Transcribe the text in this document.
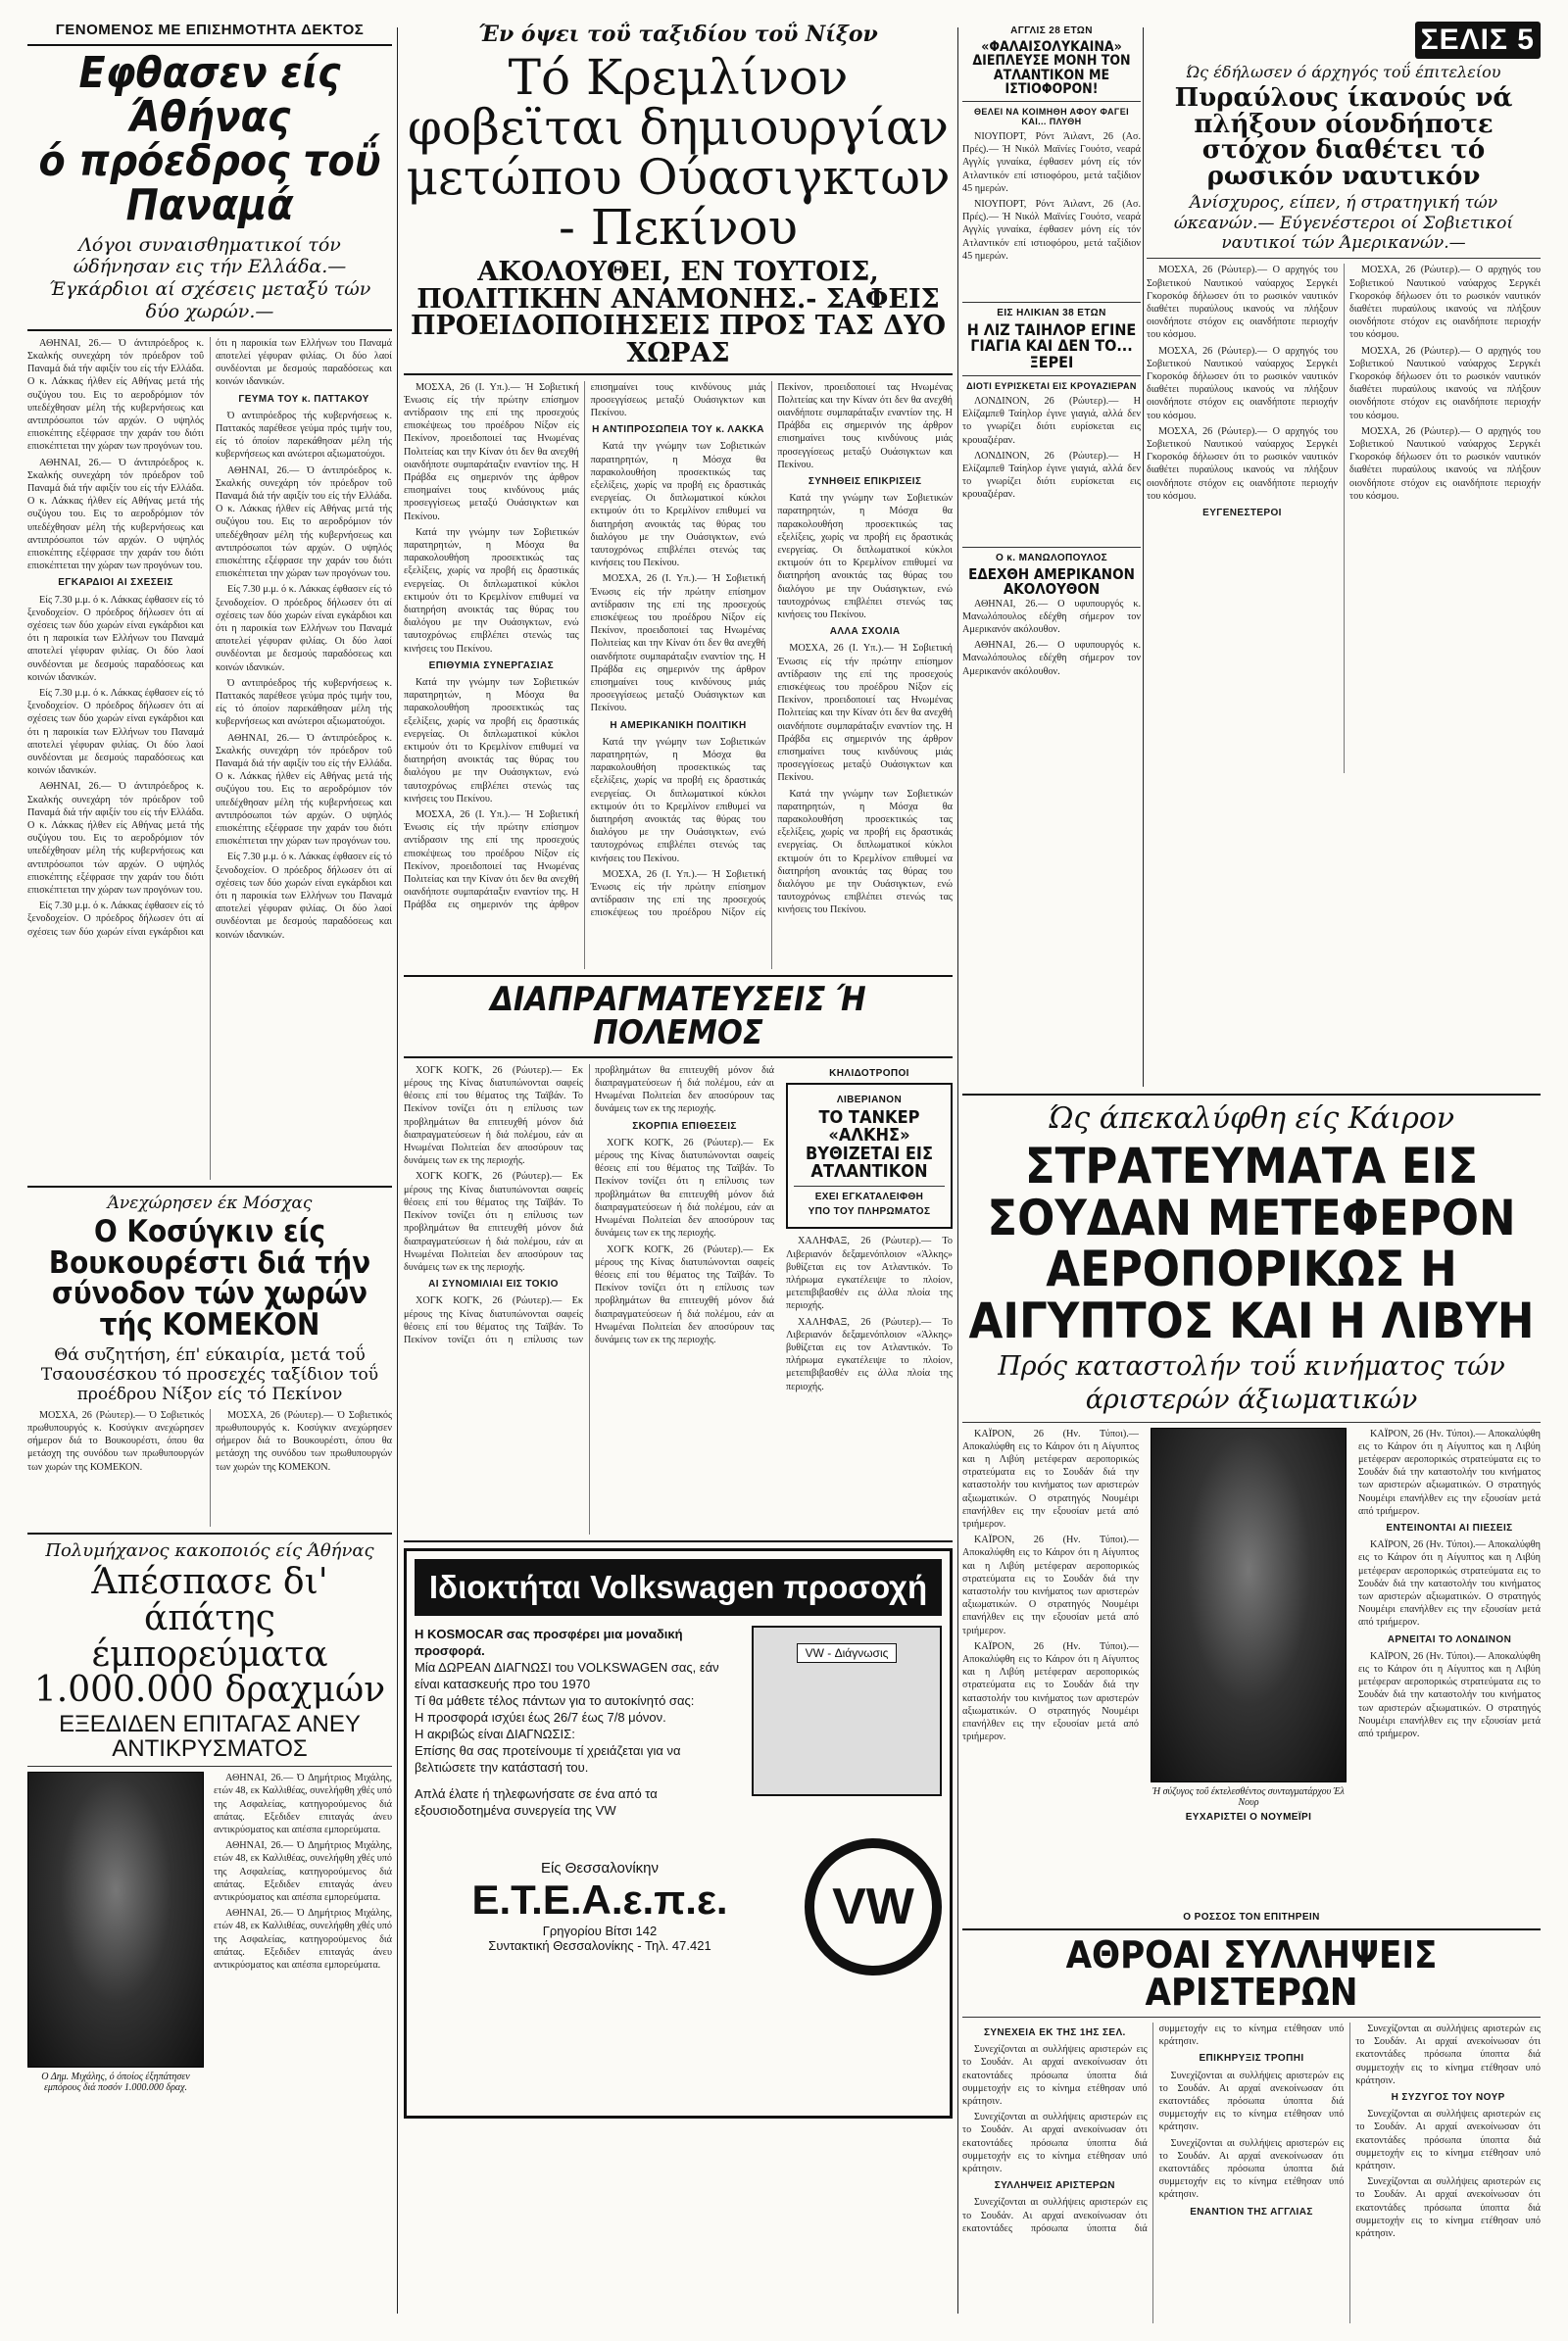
ΓΕΝΟΜΕΝΟΣ ΜΕ ΕΠΙΣΗΜΟΤΗΤΑ ΔΕΚΤΟΣ
Εφθασεν είς Άθήνας
ό πρόεδρος τοΰ Παναμά
Λόγοι συναισθηματικοί τόν ώδήνησαν εις τήν Ελλάδα.— Έγκάρδιοι αί σχέσεις μεταξύ τών δύο χωρών.—

ΑΘΗΝΑΙ, 26.— Ό άντιπρόεδρος κ. Σκαλκής συνεχάρη τόν πρόεδρον τοΰ Παναμά διά τήν αφιξίν του είς τήν Ελλάδα. Ο κ. Λάκκας ήλθεν είς Αθήνας μετά τής συζύγου του. Εις το αεροδρόμιον τόν υπεδέχθησαν μέλη τής κυβερνήσεως και αντιπρόσωποι τών αρχών. Ο υψηλός επισκέπτης εξέφρασε την χαράν του διότι επισκέπτεται την χώραν των προγόνων του.

ΑΘΗΝΑΙ, 26.— Ό άντιπρόεδρος κ. Σκαλκής συνεχάρη τόν πρόεδρον τοΰ Παναμά διά τήν αφιξίν του είς τήν Ελλάδα. Ο κ. Λάκκας ήλθεν είς Αθήνας μετά τής συζύγου του. Εις το αεροδρόμιον τόν υπεδέχθησαν μέλη τής κυβερνήσεως και αντιπρόσωποι τών αρχών. Ο υψηλός επισκέπτης εξέφρασε την χαράν του διότι επισκέπτεται την χώραν των προγόνων του.

ΕΓΚΑΡΔΙΟΙ ΑΙ ΣΧΕΣΕΙΣ

Είς 7.30 μ.μ. ό κ. Λάκκας έφθασεν είς τό ξενοδοχείον. Ο πρόεδρος δήλωσεν ότι αί σχέσεις των δύο χωρών είναι εγκάρδιοι και ότι η παροικία των Ελλήνων του Παναμά αποτελεί γέφυραν φιλίας. Οι δύο λαοί συνδέονται με δεσμούς παραδόσεως και κοινών ιδανικών.

Είς 7.30 μ.μ. ό κ. Λάκκας έφθασεν είς τό ξενοδοχείον. Ο πρόεδρος δήλωσεν ότι αί σχέσεις των δύο χωρών είναι εγκάρδιοι και ότι η παροικία των Ελλήνων του Παναμά αποτελεί γέφυραν φιλίας. Οι δύο λαοί συνδέονται με δεσμούς παραδόσεως και κοινών ιδανικών.

ΑΘΗΝΑΙ, 26.— Ό άντιπρόεδρος κ. Σκαλκής συνεχάρη τόν πρόεδρον τοΰ Παναμά διά τήν αφιξίν του είς τήν Ελλάδα. Ο κ. Λάκκας ήλθεν είς Αθήνας μετά τής συζύγου του. Εις το αεροδρόμιον τόν υπεδέχθησαν μέλη τής κυβερνήσεως και αντιπρόσωποι τών αρχών. Ο υψηλός επισκέπτης εξέφρασε την χαράν του διότι επισκέπτεται την χώραν των προγόνων του.

Είς 7.30 μ.μ. ό κ. Λάκκας έφθασεν είς τό ξενοδοχείον. Ο πρόεδρος δήλωσεν ότι αί σχέσεις των δύο χωρών είναι εγκάρδιοι και ότι η παροικία των Ελλήνων του Παναμά αποτελεί γέφυραν φιλίας. Οι δύο λαοί συνδέονται με δεσμούς παραδόσεως και κοινών ιδανικών.

ΓΕΥΜΑ ΤΟΥ κ. ΠΑΤΤΑΚΟΥ

Ό αντιπρόεδρος τής κυβερνήσεως κ. Παττακός παρέθεσε γεύμα πρός τιμήν του, είς τό όποίον παρεκάθησαν μέλη τής κυβερνήσεως και ανώτεροι αξιωματούχοι.

ΑΘΗΝΑΙ, 26.— Ό άντιπρόεδρος κ. Σκαλκής συνεχάρη τόν πρόεδρον τοΰ Παναμά διά τήν αφιξίν του είς τήν Ελλάδα. Ο κ. Λάκκας ήλθεν είς Αθήνας μετά τής συζύγου του. Εις το αεροδρόμιον τόν υπεδέχθησαν μέλη τής κυβερνήσεως και αντιπρόσωποι τών αρχών. Ο υψηλός επισκέπτης εξέφρασε την χαράν του διότι επισκέπτεται την χώραν των προγόνων του.

Είς 7.30 μ.μ. ό κ. Λάκκας έφθασεν είς τό ξενοδοχείον. Ο πρόεδρος δήλωσεν ότι αί σχέσεις των δύο χωρών είναι εγκάρδιοι και ότι η παροικία των Ελλήνων του Παναμά αποτελεί γέφυραν φιλίας. Οι δύο λαοί συνδέονται με δεσμούς παραδόσεως και κοινών ιδανικών.

Ό αντιπρόεδρος τής κυβερνήσεως κ. Παττακός παρέθεσε γεύμα πρός τιμήν του, είς τό όποίον παρεκάθησαν μέλη τής κυβερνήσεως και ανώτεροι αξιωματούχοι.

ΑΘΗΝΑΙ, 26.— Ό άντιπρόεδρος κ. Σκαλκής συνεχάρη τόν πρόεδρον τοΰ Παναμά διά τήν αφιξίν του είς τήν Ελλάδα. Ο κ. Λάκκας ήλθεν είς Αθήνας μετά τής συζύγου του. Εις το αεροδρόμιον τόν υπεδέχθησαν μέλη τής κυβερνήσεως και αντιπρόσωποι τών αρχών. Ο υψηλός επισκέπτης εξέφρασε την χαράν του διότι επισκέπτεται την χώραν των προγόνων του.

Είς 7.30 μ.μ. ό κ. Λάκκας έφθασεν είς τό ξενοδοχείον. Ο πρόεδρος δήλωσεν ότι αί σχέσεις των δύο χωρών είναι εγκάρδιοι και ότι η παροικία των Ελλήνων του Παναμά αποτελεί γέφυραν φιλίας. Οι δύο λαοί συνδέονται με δεσμούς παραδόσεως και κοινών ιδανικών.

Άνεχώρησεν έκ Μόσχας
Ο Κοσύγκιν είς Βουκουρέστι διά τήν σύνοδον τών χωρών τής ΚΟΜΕΚΟΝ
Θά συζητήση, έπ' εύκαιρία, μετά τοΰ Τσαουσέσκου τό προσεχές ταξίδιον τοΰ προέδρου Νίξον είς τό Πεκίνον

ΜΟΣΧΑ, 26 (Ρώυτερ).— Ό Σοβιετικός πρωθυπουργός κ. Κοσύγκιν ανεχώρησεν σήμερον διά το Βουκουρέστι, όπου θα μετάσχη της συνόδου των πρωθυπουργών των χωρών της ΚΟΜΕΚΟΝ.

ΜΟΣΧΑ, 26 (Ρώυτερ).— Ό Σοβιετικός πρωθυπουργός κ. Κοσύγκιν ανεχώρησεν σήμερον διά το Βουκουρέστι, όπου θα μετάσχη της συνόδου των πρωθυπουργών των χωρών της ΚΟΜΕΚΟΝ.

Πολυμήχανος κακοποιός είς Άθήνας
Άπέσπασε δι' άπάτης έμπορεύματα 1.000.000 δραχμών
ΕΞΕΔΙΔΕΝ ΕΠΙΤΑΓΑΣ ΑΝΕΥ ΑΝΤΙΚΡΥΣΜΑΤΟΣ
Ο Δημ. Μιχάλης, ό όποίος έξηπάτησεν εμπόρους διά ποσόν 1.000.000 δραχ.

ΑΘΗΝΑΙ, 26.— Ό Δημήτριος Μιχάλης, ετών 48, εκ Καλλιθέας, συνελήφθη χθές υπό της Ασφαλείας, κατηγορούμενος διά απάτας. Εξεδιδεν επιταγάς άνευ αντικρύσματος και απέσπα εμπορεύματα.

ΑΘΗΝΑΙ, 26.— Ό Δημήτριος Μιχάλης, ετών 48, εκ Καλλιθέας, συνελήφθη χθές υπό της Ασφαλείας, κατηγορούμενος διά απάτας. Εξεδιδεν επιταγάς άνευ αντικρύσματος και απέσπα εμπορεύματα.

ΑΘΗΝΑΙ, 26.— Ό Δημήτριος Μιχάλης, ετών 48, εκ Καλλιθέας, συνελήφθη χθές υπό της Ασφαλείας, κατηγορούμενος διά απάτας. Εξεδιδεν επιταγάς άνευ αντικρύσματος και απέσπα εμπορεύματα.

Έν όψει τοΰ ταξιδίου τοΰ Νίξον
Τό Κρεμλίνον φοβεϊται δημιουργίαν μετώπου Ούασιγκτων - Πεκίνου
ΑΚΟΛΟΥΘΕΙ, ΕΝ ΤΟΥΤΟΙΣ, ΠΟΛΙΤΙΚΗΝ ΑΝΑΜΟΝΗΣ.- ΣΑΦΕΙΣ ΠΡΟΕΙΔΟΠΟΙΗΣΕΙΣ ΠΡΟΣ ΤΑΣ ΔΥΟ ΧΩΡΑΣ

ΜΟΣΧΑ, 26 (Ι. Υπ.).— Ή Σοβιετική Ένωσις είς τήν πρώτην επίσημον αντίδρασιν της επί της προσεχούς επισκέψεως του προέδρου Νίξον είς Πεκίνον, προειδοποιεί τας Ηνωμένας Πολιτείας και την Κίναν ότι δεν θα ανεχθή οιανδήποτε συμπαράταξιν εναντίον της. Η Πράβδα εις σημερινόν της άρθρον επισημαίνει τους κινδύνους μιάς προσεγγίσεως μεταξύ Ουάσιγκτων και Πεκίνου.

Κατά την γνώμην των Σοβιετικών παρατηρητών, η Μόσχα θα παρακολουθήση προσεκτικώς τας εξελίξεις, χωρίς να προβή εις δραστικάς ενεργείας. Οι διπλωματικοί κύκλοι εκτιμούν ότι το Κρεμλίνον επιθυμεί να διατηρήση ανοικτάς τας θύρας του διαλόγου με την Ουάσιγκτων, ενώ ταυτοχρόνως επιβλέπει στενώς τας κινήσεις του Πεκίνου.

ΕΠΙΘΥΜΙΑ ΣΥΝΕΡΓΑΣΙΑΣ

Κατά την γνώμην των Σοβιετικών παρατηρητών, η Μόσχα θα παρακολουθήση προσεκτικώς τας εξελίξεις, χωρίς να προβή εις δραστικάς ενεργείας. Οι διπλωματικοί κύκλοι εκτιμούν ότι το Κρεμλίνον επιθυμεί να διατηρήση ανοικτάς τας θύρας του διαλόγου με την Ουάσιγκτων, ενώ ταυτοχρόνως επιβλέπει στενώς τας κινήσεις του Πεκίνου.

ΜΟΣΧΑ, 26 (Ι. Υπ.).— Ή Σοβιετική Ένωσις είς τήν πρώτην επίσημον αντίδρασιν της επί της προσεχούς επισκέψεως του προέδρου Νίξον είς Πεκίνον, προειδοποιεί τας Ηνωμένας Πολιτείας και την Κίναν ότι δεν θα ανεχθή οιανδήποτε συμπαράταξιν εναντίον της. Η Πράβδα εις σημερινόν της άρθρον επισημαίνει τους κινδύνους μιάς προσεγγίσεως μεταξύ Ουάσιγκτων και Πεκίνου.

Η ΑΝΤΙΠΡΟΣΩΠΕΙΑ ΤΟΥ κ. ΛΑΚΚΑ

Κατά την γνώμην των Σοβιετικών παρατηρητών, η Μόσχα θα παρακολουθήση προσεκτικώς τας εξελίξεις, χωρίς να προβή εις δραστικάς ενεργείας. Οι διπλωματικοί κύκλοι εκτιμούν ότι το Κρεμλίνον επιθυμεί να διατηρήση ανοικτάς τας θύρας του διαλόγου με την Ουάσιγκτων, ενώ ταυτοχρόνως επιβλέπει στενώς τας κινήσεις του Πεκίνου.

ΜΟΣΧΑ, 26 (Ι. Υπ.).— Ή Σοβιετική Ένωσις είς τήν πρώτην επίσημον αντίδρασιν της επί της προσεχούς επισκέψεως του προέδρου Νίξον είς Πεκίνον, προειδοποιεί τας Ηνωμένας Πολιτείας και την Κίναν ότι δεν θα ανεχθή οιανδήποτε συμπαράταξιν εναντίον της. Η Πράβδα εις σημερινόν της άρθρον επισημαίνει τους κινδύνους μιάς προσεγγίσεως μεταξύ Ουάσιγκτων και Πεκίνου.

Η ΑΜΕΡΙΚΑΝΙΚΗ ΠΟΛΙΤΙΚΗ

Κατά την γνώμην των Σοβιετικών παρατηρητών, η Μόσχα θα παρακολουθήση προσεκτικώς τας εξελίξεις, χωρίς να προβή εις δραστικάς ενεργείας. Οι διπλωματικοί κύκλοι εκτιμούν ότι το Κρεμλίνον επιθυμεί να διατηρήση ανοικτάς τας θύρας του διαλόγου με την Ουάσιγκτων, ενώ ταυτοχρόνως επιβλέπει στενώς τας κινήσεις του Πεκίνου.

ΜΟΣΧΑ, 26 (Ι. Υπ.).— Ή Σοβιετική Ένωσις είς τήν πρώτην επίσημον αντίδρασιν της επί της προσεχούς επισκέψεως του προέδρου Νίξον είς Πεκίνον, προειδοποιεί τας Ηνωμένας Πολιτείας και την Κίναν ότι δεν θα ανεχθή οιανδήποτε συμπαράταξιν εναντίον της. Η Πράβδα εις σημερινόν της άρθρον επισημαίνει τους κινδύνους μιάς προσεγγίσεως μεταξύ Ουάσιγκτων και Πεκίνου.

ΣΥΝΗΘΕΙΣ ΕΠΙΚΡΙΣΕΙΣ

Κατά την γνώμην των Σοβιετικών παρατηρητών, η Μόσχα θα παρακολουθήση προσεκτικώς τας εξελίξεις, χωρίς να προβή εις δραστικάς ενεργείας. Οι διπλωματικοί κύκλοι εκτιμούν ότι το Κρεμλίνον επιθυμεί να διατηρήση ανοικτάς τας θύρας του διαλόγου με την Ουάσιγκτων, ενώ ταυτοχρόνως επιβλέπει στενώς τας κινήσεις του Πεκίνου.

ΑΛΛΑ ΣΧΟΛΙΑ

ΜΟΣΧΑ, 26 (Ι. Υπ.).— Ή Σοβιετική Ένωσις είς τήν πρώτην επίσημον αντίδρασιν της επί της προσεχούς επισκέψεως του προέδρου Νίξον είς Πεκίνον, προειδοποιεί τας Ηνωμένας Πολιτείας και την Κίναν ότι δεν θα ανεχθή οιανδήποτε συμπαράταξιν εναντίον της. Η Πράβδα εις σημερινόν της άρθρον επισημαίνει τους κινδύνους μιάς προσεγγίσεως μεταξύ Ουάσιγκτων και Πεκίνου.

Κατά την γνώμην των Σοβιετικών παρατηρητών, η Μόσχα θα παρακολουθήση προσεκτικώς τας εξελίξεις, χωρίς να προβή εις δραστικάς ενεργείας. Οι διπλωματικοί κύκλοι εκτιμούν ότι το Κρεμλίνον επιθυμεί να διατηρήση ανοικτάς τας θύρας του διαλόγου με την Ουάσιγκτων, ενώ ταυτοχρόνως επιβλέπει στενώς τας κινήσεις του Πεκίνου.

ΔΙΑΠΡΑΓΜΑΤΕΥΣΕΙΣ Ή ΠΟΛΕΜΟΣ

ΧΟΓΚ ΚΟΓΚ, 26 (Ρώυτερ).— Εκ μέρους της Κίνας διατυπώνονται σαφείς θέσεις επί του θέματος της Ταϊβάν. Το Πεκίνον τονίζει ότι η επίλυσις των προβλημάτων θα επιτευχθή μόνον διά διαπραγματεύσεων ή διά πολέμου, εάν αι Ηνωμέναι Πολιτείαι δεν αποσύρουν τας δυνάμεις των εκ της περιοχής.

ΧΟΓΚ ΚΟΓΚ, 26 (Ρώυτερ).— Εκ μέρους της Κίνας διατυπώνονται σαφείς θέσεις επί του θέματος της Ταϊβάν. Το Πεκίνον τονίζει ότι η επίλυσις των προβλημάτων θα επιτευχθή μόνον διά διαπραγματεύσεων ή διά πολέμου, εάν αι Ηνωμέναι Πολιτείαι δεν αποσύρουν τας δυνάμεις των εκ της περιοχής.

ΑΙ ΣΥΝΟΜΙΛΙΑΙ ΕΙΣ ΤΟΚΙΟ

ΧΟΓΚ ΚΟΓΚ, 26 (Ρώυτερ).— Εκ μέρους της Κίνας διατυπώνονται σαφείς θέσεις επί του θέματος της Ταϊβάν. Το Πεκίνον τονίζει ότι η επίλυσις των προβλημάτων θα επιτευχθή μόνον διά διαπραγματεύσεων ή διά πολέμου, εάν αι Ηνωμέναι Πολιτείαι δεν αποσύρουν τας δυνάμεις των εκ της περιοχής.

ΣΚΟΡΠΙΑ ΕΠΙΘΕΣΕΙΣ

ΧΟΓΚ ΚΟΓΚ, 26 (Ρώυτερ).— Εκ μέρους της Κίνας διατυπώνονται σαφείς θέσεις επί του θέματος της Ταϊβάν. Το Πεκίνον τονίζει ότι η επίλυσις των προβλημάτων θα επιτευχθή μόνον διά διαπραγματεύσεων ή διά πολέμου, εάν αι Ηνωμέναι Πολιτείαι δεν αποσύρουν τας δυνάμεις των εκ της περιοχής.

ΧΟΓΚ ΚΟΓΚ, 26 (Ρώυτερ).— Εκ μέρους της Κίνας διατυπώνονται σαφείς θέσεις επί του θέματος της Ταϊβάν. Το Πεκίνον τονίζει ότι η επίλυσις των προβλημάτων θα επιτευχθή μόνον διά διαπραγματεύσεων ή διά πολέμου, εάν αι Ηνωμέναι Πολιτείαι δεν αποσύρουν τας δυνάμεις των εκ της περιοχής.

ΚΗΛΙΔΟΤΡΟΠΟΙ
ΛΙΒΕΡΙΑΝΟΝ
ΤΟ ΤΑΝΚΕΡ «ΑΛΚΗΣ» ΒΥΘΙΖΕΤΑΙ ΕΙΣ ΑΤΛΑΝΤΙΚΟΝ
ΕΧΕΙ ΕΓΚΑΤΑΛΕΙΦΘΗ
ΥΠΟ ΤΟΥ ΠΛΗΡΩΜΑΤΟΣ

ΧΑΛΗΦΑΞ, 26 (Ρώυτερ).— Το Λιβεριανόν δεξαμενόπλοιον «Άλκης» βυθίζεται εις τον Ατλαντικόν. Το πλήρωμα εγκατέλειψε το πλοίον, μετεπιβιβασθέν εις άλλα πλοία της περιοχής.

ΧΑΛΗΦΑΞ, 26 (Ρώυτερ).— Το Λιβεριανόν δεξαμενόπλοιον «Άλκης» βυθίζεται εις τον Ατλαντικόν. Το πλήρωμα εγκατέλειψε το πλοίον, μετεπιβιβασθέν εις άλλα πλοία της περιοχής.

Ιδιοκτήται Volkswagen προσοχή
Η KOSMOCAR σας προσφέρει μια μοναδική προσφορά.
Μία ΔΩΡΕΑΝ ΔΙΑΓΝΩΣΙ του VOLKSWAGEN σας, εάν είναι κατασκευής προ του 1970
Τί θα μάθετε τέλος πάντων για το αυτοκίνητό σας:
Η προσφορά ισχύει έως 26/7 έως 7/8 μόνον.
Η ακριβώς είναι ΔΙΑΓΝΩΣΙΣ:
Επίσης θα σας προτείνουμε τί χρειάζεται για να βελτιώσετε την κατάστασή του.
Απλά έλατε ή τηλεφωνήσατε σε ένα από τα εξουσιοδοτημένα συνεργεία της VW
VW - Διάγνωσις
Είς Θεσσαλονίκην
Ε.Τ.Ε.Α.ε.π.ε.
Γρηγορίου Βίτσι 142
Συντακτική Θεσσαλονίκης - Τηλ. 47.421
VW
ΑΓΓΛΙΣ 28 ΕΤΩΝ
«ΦΑΛΑΙΣΟΛΥΚΑΙΝΑ» ΔΙΕΠΛΕΥΣΕ ΜΟΝΗ ΤΟΝ ΑΤΛΑΝΤΙΚΟΝ ΜΕ ΙΣΤΙΟΦΟΡΟΝ!
ΘΕΛΕΙ ΝΑ ΚΟΙΜΗΘΗ ΑΦΟΥ ΦΑΓΕΙ ΚΑΙ... ΠΛΥΘΗ

ΝΙΟΥΠΟΡΤ, Ρόντ Άιλαντ, 26 (Ασ. Πρές).— Ή Νικόλ Μαϊνίες Γουότσ, νεαρά Αγγλίς γυναίκα, έφθασεν μόνη είς τόν Ατλαντικόν επί ιστιοφόρου, μετά ταξίδιον 45 ημερών.

ΝΙΟΥΠΟΡΤ, Ρόντ Άιλαντ, 26 (Ασ. Πρές).— Ή Νικόλ Μαϊνίες Γουότσ, νεαρά Αγγλίς γυναίκα, έφθασεν μόνη είς τόν Ατλαντικόν επί ιστιοφόρου, μετά ταξίδιον 45 ημερών.

ΕΙΣ ΗΛΙΚΙΑΝ 38 ΕΤΩΝ
Η ΛΙΖ ΤΑΙΗΛΟΡ ΕΓΙΝΕ ΓΙΑΓΙΑ ΚΑΙ ΔΕΝ ΤΟ... ΞΕΡΕΙ
ΔΙΟΤΙ ΕΥΡΙΣΚΕΤΑΙ ΕΙΣ ΚΡΟΥΑΖΙΕΡΑΝ

ΛΟΝΔΙΝΟΝ, 26 (Ρώυτερ).— Η Ελίζαμπεθ Ταίηλορ έγινε γιαγιά, αλλά δεν το γνωρίζει διότι ευρίσκεται εις κρουαζιέραν.

ΛΟΝΔΙΝΟΝ, 26 (Ρώυτερ).— Η Ελίζαμπεθ Ταίηλορ έγινε γιαγιά, αλλά δεν το γνωρίζει διότι ευρίσκεται εις κρουαζιέραν.

Ο κ. ΜΑΝΩΛΟΠΟΥΛΟΣ
ΕΔΕΧΘΗ ΑΜΕΡΙΚΑΝΟΝ ΑΚΟΛΟΥΘΟΝ

ΑΘΗΝΑΙ, 26.— Ο υφυπουργός κ. Μανωλόπουλος εδέχθη σήμερον τον Αμερικανόν ακόλουθον.

ΑΘΗΝΑΙ, 26.— Ο υφυπουργός κ. Μανωλόπουλος εδέχθη σήμερον τον Αμερικανόν ακόλουθον.

ΣΕΛΙΣ 5
Ώς έδήλωσεν ό άρχηγός τοΰ έπιτελείου
Πυραύλους ίκανούς νά πλήξουν οίονδήποτε στόχον διαθέτει τό ρωσικόν ναυτικόν
Άνίσχυρος, είπεν, ή στρατηγική τών ώκεανών.— Εύγενέστεροι οί Σοβιετικοί ναυτικοί τών Άμερικανών.—

ΜΟΣΧΑ, 26 (Ρώυτερ).— Ο αρχηγός του Σοβιετικού Ναυτικού ναύαρχος Σεργκέι Γκορσκόφ δήλωσεν ότι το ρωσικόν ναυτικόν διαθέτει πυραύλους ικανούς να πλήξουν οιονδήποτε στόχον εις οιανδήποτε περιοχήν του κόσμου.

ΜΟΣΧΑ, 26 (Ρώυτερ).— Ο αρχηγός του Σοβιετικού Ναυτικού ναύαρχος Σεργκέι Γκορσκόφ δήλωσεν ότι το ρωσικόν ναυτικόν διαθέτει πυραύλους ικανούς να πλήξουν οιονδήποτε στόχον εις οιανδήποτε περιοχήν του κόσμου.

ΜΟΣΧΑ, 26 (Ρώυτερ).— Ο αρχηγός του Σοβιετικού Ναυτικού ναύαρχος Σεργκέι Γκορσκόφ δήλωσεν ότι το ρωσικόν ναυτικόν διαθέτει πυραύλους ικανούς να πλήξουν οιονδήποτε στόχον εις οιανδήποτε περιοχήν του κόσμου.

ΕΥΓΕΝΕΣΤΕΡΟΙ

ΜΟΣΧΑ, 26 (Ρώυτερ).— Ο αρχηγός του Σοβιετικού Ναυτικού ναύαρχος Σεργκέι Γκορσκόφ δήλωσεν ότι το ρωσικόν ναυτικόν διαθέτει πυραύλους ικανούς να πλήξουν οιονδήποτε στόχον εις οιανδήποτε περιοχήν του κόσμου.

ΜΟΣΧΑ, 26 (Ρώυτερ).— Ο αρχηγός του Σοβιετικού Ναυτικού ναύαρχος Σεργκέι Γκορσκόφ δήλωσεν ότι το ρωσικόν ναυτικόν διαθέτει πυραύλους ικανούς να πλήξουν οιονδήποτε στόχον εις οιανδήποτε περιοχήν του κόσμου.

ΜΟΣΧΑ, 26 (Ρώυτερ).— Ο αρχηγός του Σοβιετικού Ναυτικού ναύαρχος Σεργκέι Γκορσκόφ δήλωσεν ότι το ρωσικόν ναυτικόν διαθέτει πυραύλους ικανούς να πλήξουν οιονδήποτε στόχον εις οιανδήποτε περιοχήν του κόσμου.

Ώς άπεκαλύφθη είς Κάιρον
ΣΤΡΑΤΕΥΜΑΤΑ ΕΙΣ ΣΟΥΔΑΝ ΜΕΤΕΦΕΡΟΝ ΑΕΡΟΠΟΡΙΚΩΣ Η ΑΙΓΥΠΤΟΣ ΚΑΙ Η ΛΙΒΥΗ
Πρός καταστολήν τοΰ κινήματος τών άριστερών άξιωματικών

ΚΑΪΡΟΝ, 26 (Ην. Τύποι).— Αποκαλύφθη εις το Κάιρον ότι η Αίγυπτος και η Λιβύη μετέφεραν αεροπορικώς στρατεύματα εις το Σουδάν διά την καταστολήν του κινήματος των αριστερών αξιωματικών. Ο στρατηγός Νουμέιρι επανήλθεν εις την εξουσίαν μετά από τριήμερον.

ΚΑΪΡΟΝ, 26 (Ην. Τύποι).— Αποκαλύφθη εις το Κάιρον ότι η Αίγυπτος και η Λιβύη μετέφεραν αεροπορικώς στρατεύματα εις το Σουδάν διά την καταστολήν του κινήματος των αριστερών αξιωματικών. Ο στρατηγός Νουμέιρι επανήλθεν εις την εξουσίαν μετά από τριήμερον.

ΚΑΪΡΟΝ, 26 (Ην. Τύποι).— Αποκαλύφθη εις το Κάιρον ότι η Αίγυπτος και η Λιβύη μετέφεραν αεροπορικώς στρατεύματα εις το Σουδάν διά την καταστολήν του κινήματος των αριστερών αξιωματικών. Ο στρατηγός Νουμέιρι επανήλθεν εις την εξουσίαν μετά από τριήμερον.

Ή σύζυγος τοΰ έκτελεσθέντος συνταγματάρχου Έλ Νουρ
ΕΥΧΑΡΙΣΤΕΙ Ο ΝΟΥΜΕΪΡΙ

ΚΑΪΡΟΝ, 26 (Ην. Τύποι).— Αποκαλύφθη εις το Κάιρον ότι η Αίγυπτος και η Λιβύη μετέφεραν αεροπορικώς στρατεύματα εις το Σουδάν διά την καταστολήν του κινήματος των αριστερών αξιωματικών. Ο στρατηγός Νουμέιρι επανήλθεν εις την εξουσίαν μετά από τριήμερον.

ΕΝΤΕΙΝΟΝΤΑΙ ΑΙ ΠΙΕΣΕΙΣ

ΚΑΪΡΟΝ, 26 (Ην. Τύποι).— Αποκαλύφθη εις το Κάιρον ότι η Αίγυπτος και η Λιβύη μετέφεραν αεροπορικώς στρατεύματα εις το Σουδάν διά την καταστολήν του κινήματος των αριστερών αξιωματικών. Ο στρατηγός Νουμέιρι επανήλθεν εις την εξουσίαν μετά από τριήμερον.

ΑΡΝΕΙΤΑΙ ΤΟ ΛΟΝΔΙΝΟΝ

ΚΑΪΡΟΝ, 26 (Ην. Τύποι).— Αποκαλύφθη εις το Κάιρον ότι η Αίγυπτος και η Λιβύη μετέφεραν αεροπορικώς στρατεύματα εις το Σουδάν διά την καταστολήν του κινήματος των αριστερών αξιωματικών. Ο στρατηγός Νουμέιρι επανήλθεν εις την εξουσίαν μετά από τριήμερον.

Ο ΡΟΣΣΟΣ ΤΟΝ ΕΠΙΤΗΡΕΙΝ
ΑΘΡΟΑΙ ΣΥΛΛΗΨΕΙΣ ΑΡΙΣΤΕΡΩΝ
ΣΥΝΕΧΕΙΑ ΕΚ ΤΗΣ 1ΗΣ ΣΕΛ.

Συνεχίζονται αι συλλήψεις αριστερών εις το Σουδάν. Αι αρχαί ανεκοίνωσαν ότι εκατοντάδες πρόσωπα ύποπτα διά συμμετοχήν εις το κίνημα ετέθησαν υπό κράτησιν.

Συνεχίζονται αι συλλήψεις αριστερών εις το Σουδάν. Αι αρχαί ανεκοίνωσαν ότι εκατοντάδες πρόσωπα ύποπτα διά συμμετοχήν εις το κίνημα ετέθησαν υπό κράτησιν.

ΣΥΛΛΗΨΕΙΣ ΑΡΙΣΤΕΡΩΝ

Συνεχίζονται αι συλλήψεις αριστερών εις το Σουδάν. Αι αρχαί ανεκοίνωσαν ότι εκατοντάδες πρόσωπα ύποπτα διά συμμετοχήν εις το κίνημα ετέθησαν υπό κράτησιν.

ΕΠΙΚΗΡΥΞΙΣ ΤΡΟΠΗΙ

Συνεχίζονται αι συλλήψεις αριστερών εις το Σουδάν. Αι αρχαί ανεκοίνωσαν ότι εκατοντάδες πρόσωπα ύποπτα διά συμμετοχήν εις το κίνημα ετέθησαν υπό κράτησιν.

Συνεχίζονται αι συλλήψεις αριστερών εις το Σουδάν. Αι αρχαί ανεκοίνωσαν ότι εκατοντάδες πρόσωπα ύποπτα διά συμμετοχήν εις το κίνημα ετέθησαν υπό κράτησιν.

ΕΝΑΝΤΙΟΝ ΤΗΣ ΑΓΓΛΙΑΣ

Συνεχίζονται αι συλλήψεις αριστερών εις το Σουδάν. Αι αρχαί ανεκοίνωσαν ότι εκατοντάδες πρόσωπα ύποπτα διά συμμετοχήν εις το κίνημα ετέθησαν υπό κράτησιν.

Η ΣΥΖΥΓΟΣ ΤΟΥ ΝΟΥΡ

Συνεχίζονται αι συλλήψεις αριστερών εις το Σουδάν. Αι αρχαί ανεκοίνωσαν ότι εκατοντάδες πρόσωπα ύποπτα διά συμμετοχήν εις το κίνημα ετέθησαν υπό κράτησιν.

Συνεχίζονται αι συλλήψεις αριστερών εις το Σουδάν. Αι αρχαί ανεκοίνωσαν ότι εκατοντάδες πρόσωπα ύποπτα διά συμμετοχήν εις το κίνημα ετέθησαν υπό κράτησιν.
